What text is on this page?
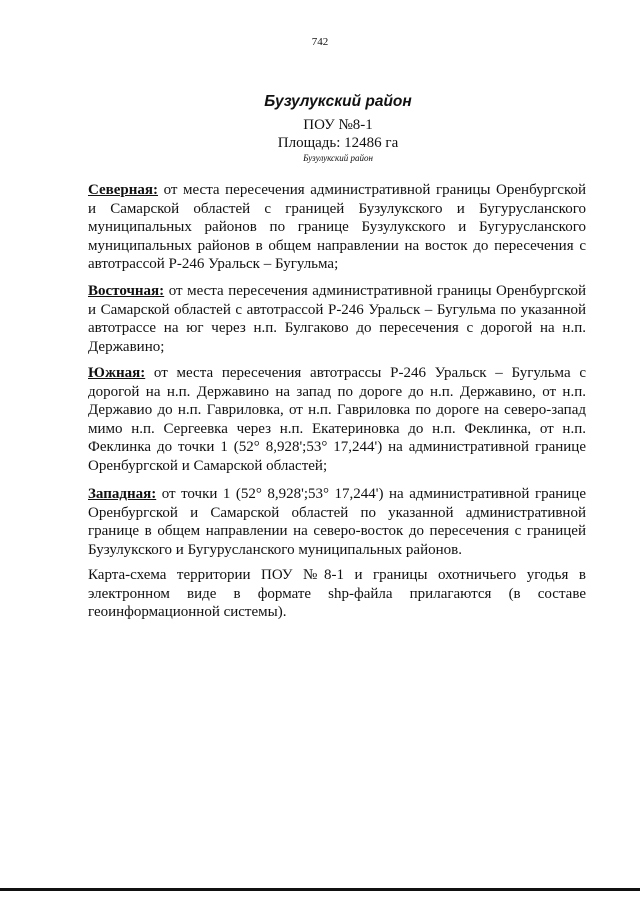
742
Бузулукский район
ПОУ №8-1
Площадь: 12486 га
Бузулукский район

Северная: от места пересечения административной границы Оренбургской и Самарской областей с границей Бузулукского и Бугурусланского муниципальных районов по границе Бузулукского и Бугурусланского муниципальных районов в общем направлении на восток до пересечения с автотрассой Р-246 Уральск – Бугульма;

Восточная: от места пересечения административной границы Оренбургской и Самарской областей с автотрассой Р-246 Уральск – Бугульма по указанной автотрассе на юг через н.п. Булгаково до пересечения с дорогой на н.п. Державино;

Южная: от места пересечения автотрассы Р-246 Уральск – Бугульма с дорогой на н.п. Державино на запад по дороге до н.п. Державино, от н.п. Державио до н.п. Гавриловка, от н.п. Гавриловка по дороге на северо-запад мимо н.п. Сергеевка через н.п. Екатериновка до н.п. Феклинка, от н.п. Феклинка до точки 1 (52° 8,928';53° 17,244') на административной границе Оренбургской и Самарской областей;

Западная: от точки 1 (52° 8,928';53° 17,244') на административной границе Оренбургской и Самарской областей по указанной административной границе в общем направлении на северо-восток до пересечения с границей Бузулукского и Бугурусланского муниципальных районов.

Карта-схема территории ПОУ №8-1 и границы охотничьего угодья в электронном виде в формате shp-файла прилагаются (в составе геоинформационной системы).
